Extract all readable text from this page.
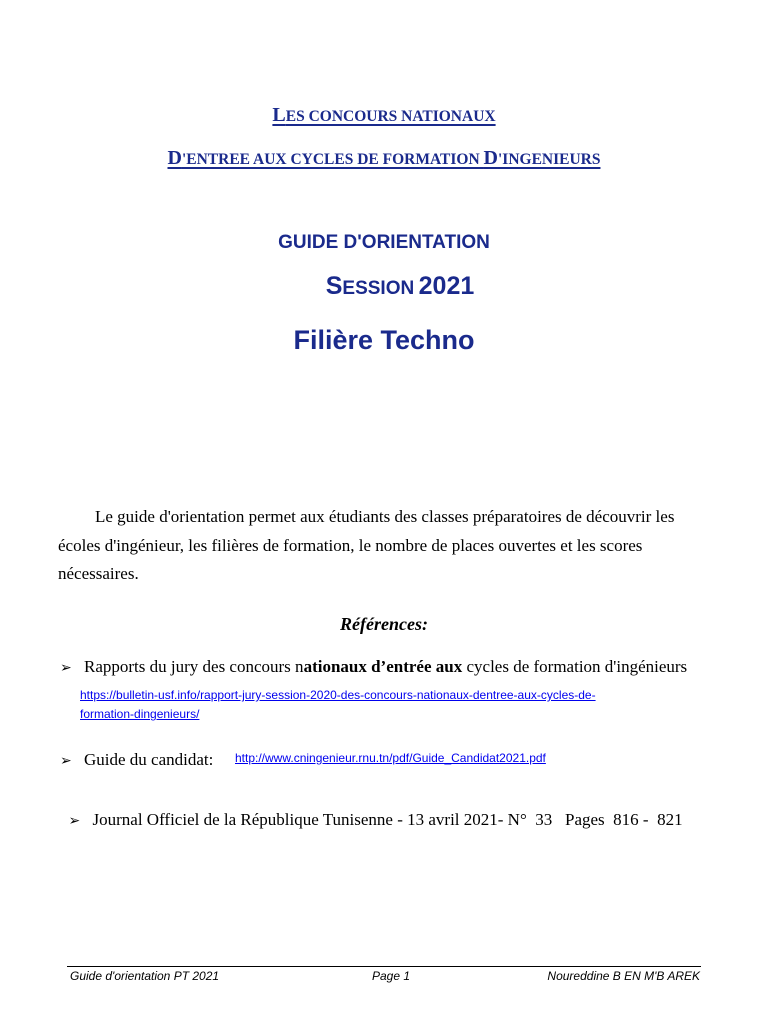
LES CONCOURS NATIONAUX
D'ENTREE AUX CYCLES DE FORMATION D'INGENIEURS
GUIDE D'ORIENTATION
SESSION 2021
Filière Techno
Le guide d'orientation permet aux étudiants des classes préparatoires de découvrir les écoles d'ingénieur, les filières de formation, le nombre de places ouvertes et les scores nécessaires.
Références:
➢ Rapports du jury des concours nationaux d’entrée aux cycles de formation d'ingénieurs
https://bulletin-usf.info/rapport-jury-session-2020-des-concours-nationaux-dentree-aux-cycles-de-
formation-dingenieurs/
➢ Guide du candidat: http://www.cningenieur.rnu.tn/pdf/Guide_Candidat2021.pdf

➢ Journal Officiel de la République Tunisenne - 13 avril 2021- N°  33   Pages  816 -  821

Guide d'orientation PT 2021	Page 1	Noureddine B EN M'B AREK
